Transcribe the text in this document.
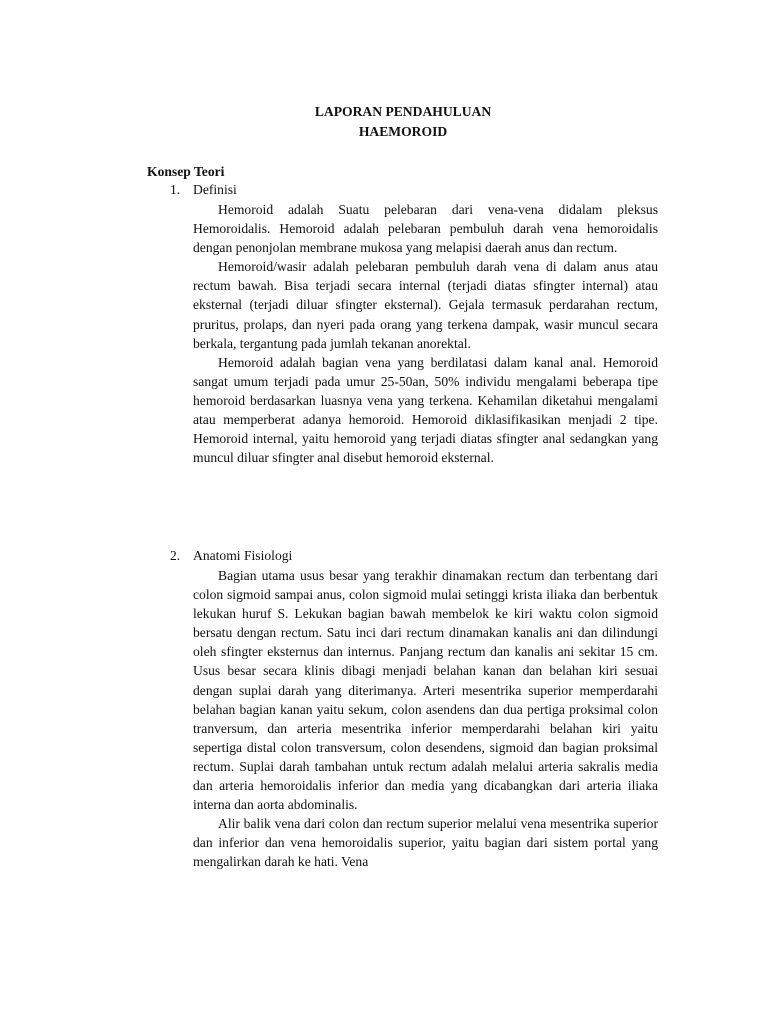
LAPORAN PENDAHULUAN
HAEMOROID
Konsep Teori
1. Definisi

Hemoroid adalah Suatu pelebaran dari vena-vena didalam pleksus Hemoroidalis. Hemoroid adalah pelebaran pembuluh darah vena hemoroidalis dengan penonjolan membrane mukosa yang melapisi daerah anus dan rectum.

Hemoroid/wasir adalah pelebaran pembuluh darah vena di dalam anus atau rectum bawah. Bisa terjadi secara internal (terjadi diatas sfingter internal) atau eksternal (terjadi diluar sfingter eksternal). Gejala termasuk perdarahan rectum, pruritus, prolaps, dan nyeri pada orang yang terkena dampak, wasir muncul secara berkala, tergantung pada jumlah tekanan anorektal.

Hemoroid adalah bagian vena yang berdilatasi dalam kanal anal. Hemoroid sangat umum terjadi pada umur 25-50an, 50% individu mengalami beberapa tipe hemoroid berdasarkan luasnya vena yang terkena. Kehamilan diketahui mengalami atau memperberat adanya hemoroid. Hemoroid diklasifikasikan menjadi 2 tipe. Hemoroid internal, yaitu hemoroid yang terjadi diatas sfingter anal sedangkan yang muncul diluar sfingter anal disebut hemoroid eksternal.

2. Anatomi Fisiologi

Bagian utama usus besar yang terakhir dinamakan rectum dan terbentang dari colon sigmoid sampai anus, colon sigmoid mulai setinggi krista iliaka dan berbentuk lekukan huruf S. Lekukan bagian bawah membelok ke kiri waktu colon sigmoid bersatu dengan rectum. Satu inci dari rectum dinamakan kanalis ani dan dilindungi oleh sfingter eksternus dan internus. Panjang rectum dan kanalis ani sekitar 15 cm. Usus besar secara klinis dibagi menjadi belahan kanan dan belahan kiri sesuai dengan suplai darah yang diterimanya. Arteri mesentrika superior memperdarahi belahan bagian kanan yaitu sekum, colon asendens dan dua pertiga proksimal colon tranversum, dan arteria mesentrika inferior memperdarahi belahan kiri yaitu sepertiga distal colon transversum, colon desendens, sigmoid dan bagian proksimal rectum. Suplai darah tambahan untuk rectum adalah melalui arteria sakralis media dan arteria hemoroidalis inferior dan media yang dicabangkan dari arteria iliaka interna dan aorta abdominalis.

Alir balik vena dari colon dan rectum superior melalui vena mesentrika superior dan inferior dan vena hemoroidalis superior, yaitu bagian dari sistem portal yang mengalirkan darah ke hati. Vena
